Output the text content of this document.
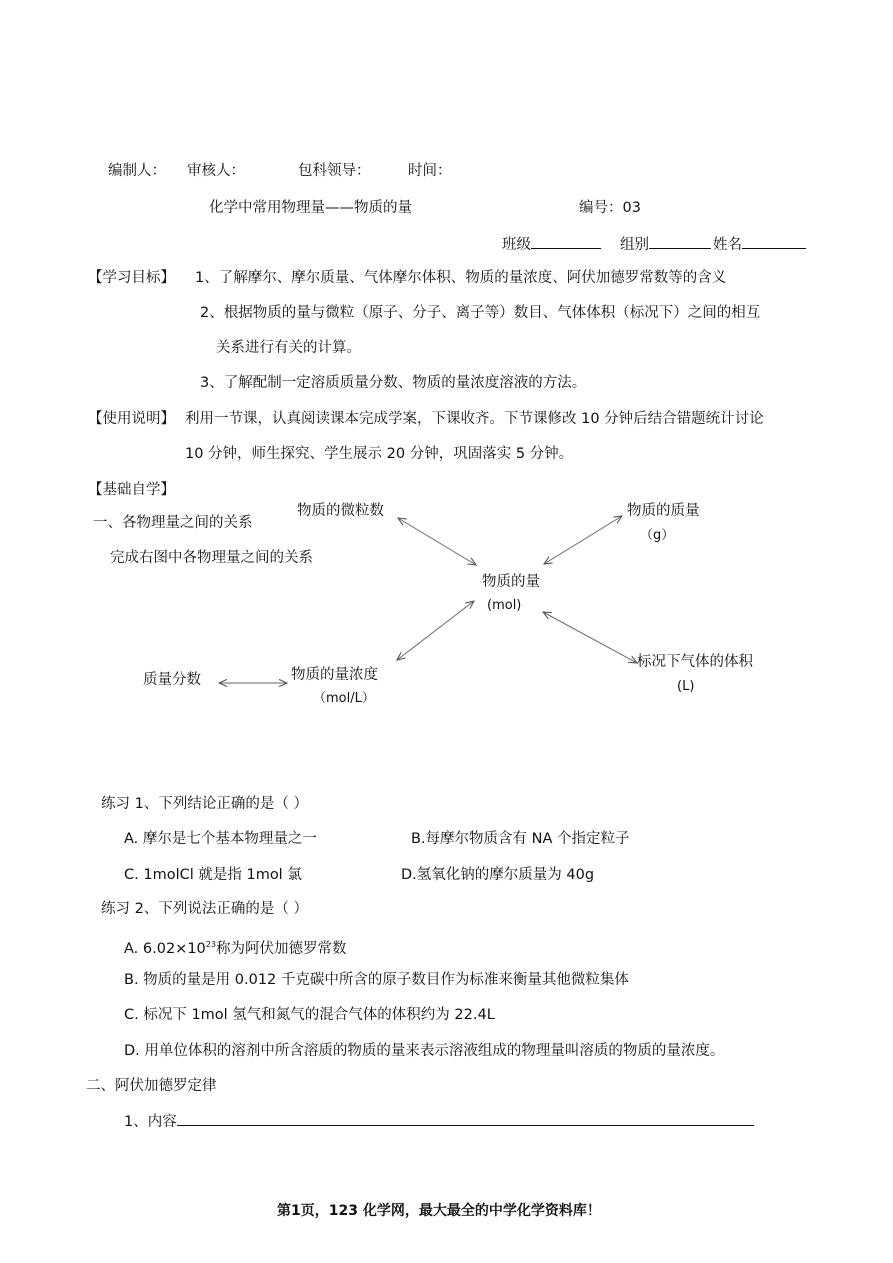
编制人： 审核人：	包科领导：	时间：
化学中常用物理量——物质的量	编号：03
班级	组别	姓名
【学习目标】 1、了解摩尔、摩尔质量、气体摩尔体积、物质的量浓度、阿伏加德罗常数等的含义
2、根据物质的量与微粒（原子、分子、离子等）数目、气体体积（标况下）之间的相互
关系进行有关的计算。
3、了解配制一定溶质质量分数、物质的量浓度溶液的方法。
【使用说明】 利用一节课，认真阅读课本完成学案，下课收齐。下节课修改 10 分钟后结合错题统计讨论
10 分钟，师生探究、学生展示 20 分钟，巩固落实 5 分钟。
【基础自学】
一、各物理量之间的关系
完成右图中各物理量之间的关系
物质的微粒数	物质的质量
（g）
物质的量
(mol)
物质的量浓度
（mol/L）
标况下气体的体积
(L)
质量分数
练习 1、下列结论正确的是（ ）
A. 摩尔是七个基本物理量之一	B.每摩尔物质含有 NA 个指定粒子
C. 1molCl 就是指 1mol 氯	D.氢氧化钠的摩尔质量为 40g
练习 2、下列说法正确的是（ ）
A. $6.02\times 10^{23}$称为阿伏加德罗常数
B. 物质的量是用 0.012 千克碳中所含的原子数目作为标准来衡量其他微粒集体
C. 标况下 1mol 氢气和氮气的混合气体的体积约为 22.4L
D. 用单位体积的溶剂中所含溶质的物质的量来表示溶液组成的物理量叫溶质的物质的量浓度。
二、阿伏加德罗定律
1、内容
第1页，123 化学网，最大最全的中学化学资料库！
